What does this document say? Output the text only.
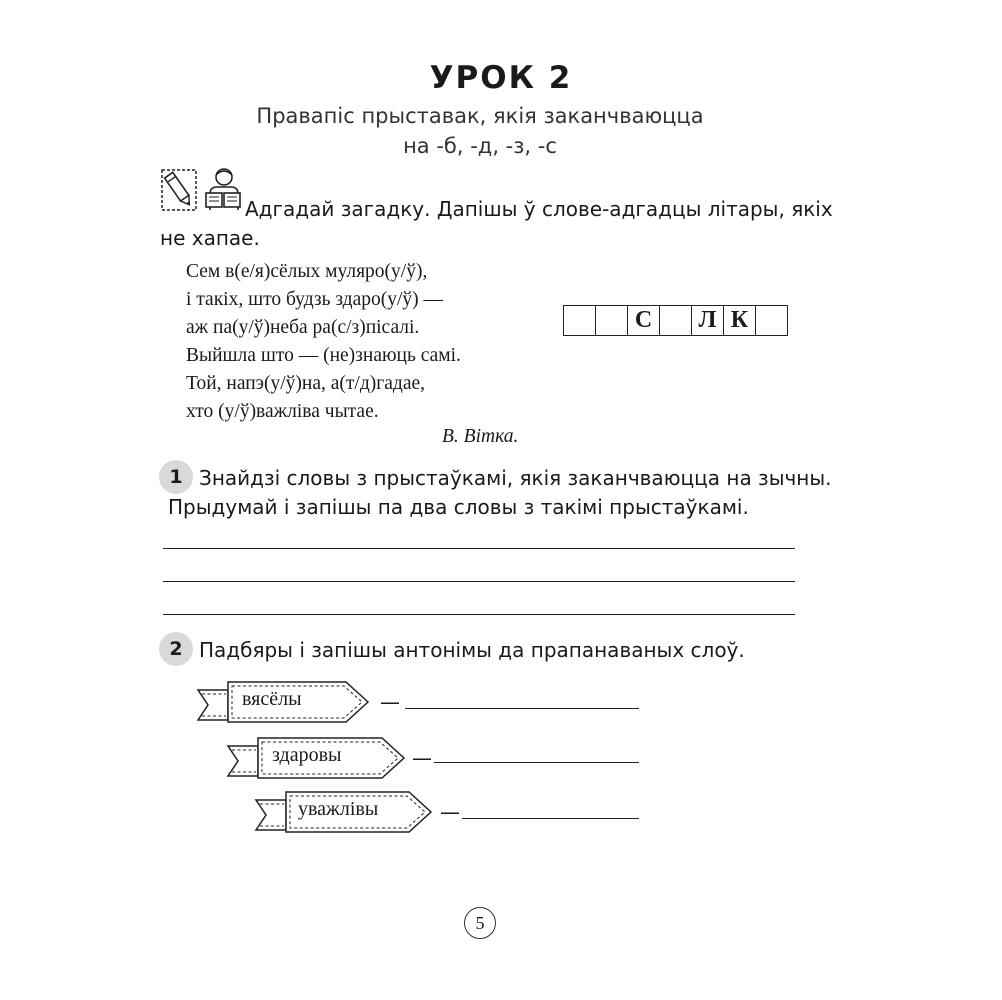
УРОК 2
Правапіс прыставак, якія заканчваюцца
на -б, -д, -з, -с
Адгадай загадку. Дапішы ў слове-адгадцы літары, якіх
не хапае.
Сем в(е/я)сёлых муляро(у/ў),
і такіх, што будзь здаро(у/ў) —
аж па(у/ў)неба ра(с/з)пісалі.
Выйшла што — (не)знаюць самі.
Той, напэ(у/ў)на, а(т/д)гадае,
хто (у/ў)важліва чытае.
В. Вітка.
С	Л К
1 Знайдзі словы з прыстаўкамі, якія заканчваюцца на зычны.
Прыдумай і запішы па два словы з такімі прыстаўкамі.
2 Падбяры і запішы антонімы да прапанаваных слоў.
вясёлы	—
здаровы	—
уважлівы	—
5
